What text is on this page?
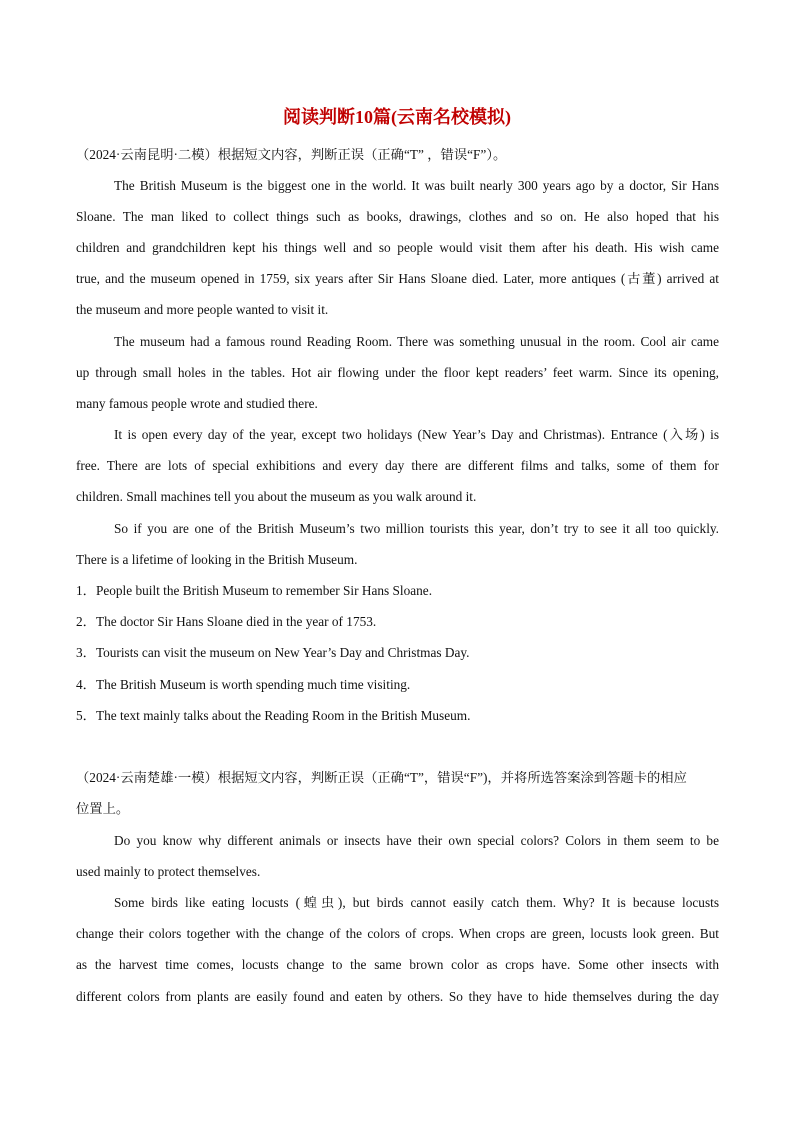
阅读判断10篇(云南名校模拟)
（2024·云南昆明·二模）根据短文内容，判断正误（正确“T” ，错误“F”）。
The British Museum is the biggest one in the world. It was built nearly 300 years ago by a doctor, Sir Hans
Sloane. The man liked to collect things such as books, drawings, clothes and so on. He also hoped that his
children and grandchildren kept his things well and so people would visit them after his death. His wish came
true, and the museum opened in 1759, six years after Sir Hans Sloane died. Later, more antiques (古董) arrived at
the museum and more people wanted to visit it.
The museum had a famous round Reading Room. There was something unusual in the room. Cool air came
up through small holes in the tables. Hot air flowing under the floor kept readers’ feet warm. Since its opening,
many famous people wrote and studied there.
It is open every day of the year, except two holidays (New Year’s Day and Christmas). Entrance (入场) is
free. There are lots of special exhibitions and every day there are different films and talks, some of them for
children. Small machines tell you about the museum as you walk around it.
So if you are one of the British Museum’s two million tourists this year, don’t try to see it all too quickly.
There is a lifetime of looking in the British Museum.
1．People built the British Museum to remember Sir Hans Sloane.
2．The doctor Sir Hans Sloane died in the year of 1753.
3．Tourists can visit the museum on New Year’s Day and Christmas Day.
4．The British Museum is worth spending much time visiting.
5．The text mainly talks about the Reading Room in the British Museum.
（2024·云南楚雄·一模）根据短文内容，判断正误（正确“T”，错误“F”)，并将所选答案涂到答题卡的相应
位置上。
Do you know why different animals or insects have their own special colors? Colors in them seem to be
used mainly to protect themselves.
Some birds like eating locusts (蝗虫), but birds cannot easily catch them. Why? It is because locusts
change their colors together with the change of the colors of crops. When crops are green, locusts look green. But
as the harvest time comes, locusts change to the same brown color as crops have. Some other insects with
different colors from plants are easily found and eaten by others. So they have to hide themselves during the day
